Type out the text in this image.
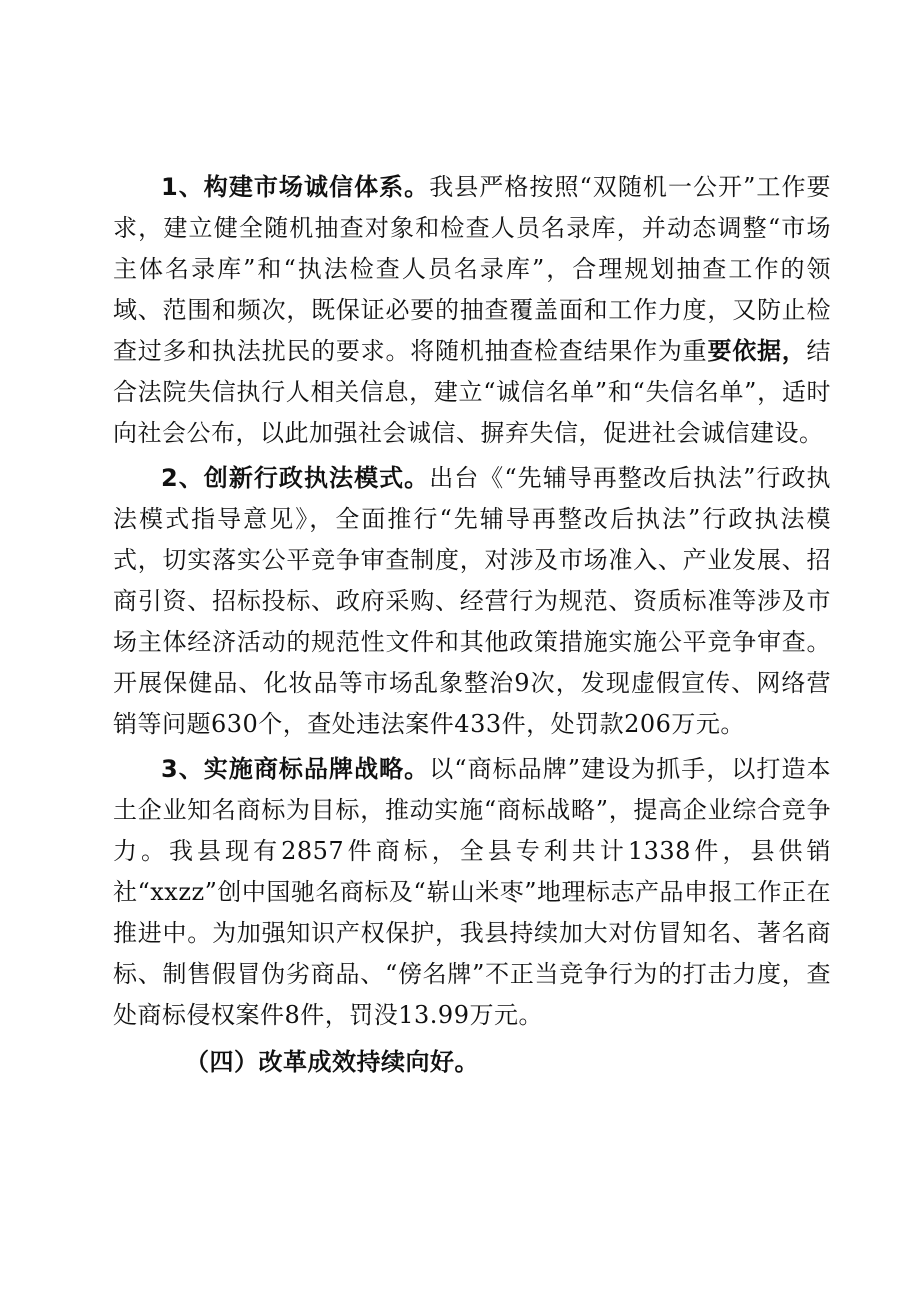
1、构建市场诚信体系。我县严格按照“双随机一公开”工作要求，建立健全随机抽查对象和检查人员名录库，并动态调整“市场主体名录库”和“执法检查人员名录库”，合理规划抽查工作的领域、范围和频次，既保证必要的抽查覆盖面和工作力度，又防止检查过多和执法扰民的要求。将随机抽查检查结果作为重要依据，结合法院失信执行人相关信息，建立“诚信名单”和“失信名单”，适时向社会公布，以此加强社会诚信、摒弃失信，促进社会诚信建设。

2、创新行政执法模式。出台《“先辅导再整改后执法”行政执法模式指导意见》，全面推行“先辅导再整改后执法”行政执法模式，切实落实公平竞争审查制度，对涉及市场准入、产业发展、招商引资、招标投标、政府采购、经营行为规范、资质标准等涉及市场主体经济活动的规范性文件和其他政策措施实施公平竞争审查。开展保健品、化妆品等市场乱象整治9次，发现虚假宣传、网络营销等问题630个，查处违法案件433件，处罚款206万元。

3、实施商标品牌战略。以“商标品牌”建设为抓手，以打造本土企业知名商标为目标，推动实施“商标战略”，提高企业综合竞争力。我县现有2857件商标，全县专利共计1338件，县供销社“xxzz”创中国驰名商标及“崭山米枣”地理标志产品申报工作正在推进中。为加强知识产权保护，我县持续加大对仿冒知名、著名商标、制售假冒伪劣商品、“傍名牌”不正当竞争行为的打击力度，查处商标侵权案件8件，罚没13.99万元。

（四）改革成效持续向好。
